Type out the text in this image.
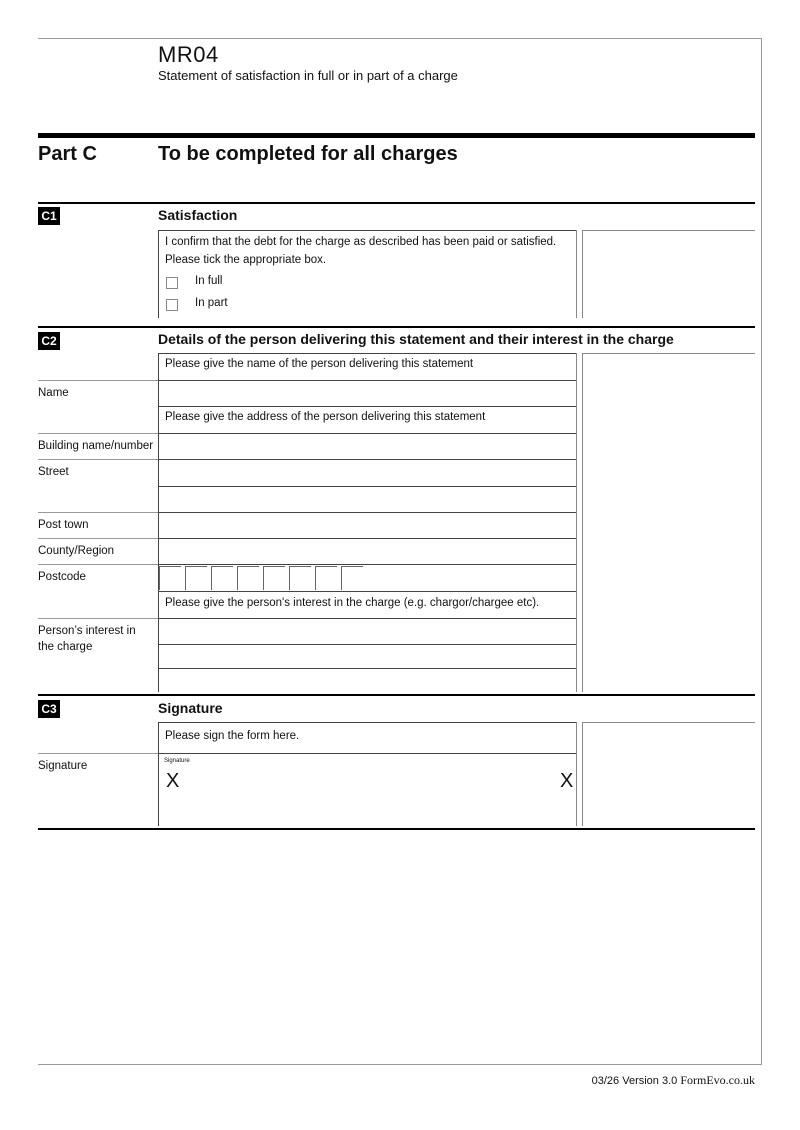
MR04
Statement of satisfaction in full or in part of a charge
Part C	To be completed for all charges
C1	Satisfaction
I confirm that the debt for the charge as described has been paid or satisfied.
Please tick the appropriate box.
In full
In part
C2	Details of the person delivering this statement and their interest in the charge
Please give the name of the person delivering this statement
Name
Please give the address of the person delivering this statement
Building name/number
Street
Post town
County/Region
Postcode
Please give the person's interest in the charge (e.g. chargor/chargee etc).
Person’s interest in
the charge
C3	Signature
Please sign the form here.
Signature	Signature
X	X
03/26 Version 3.0 FormEvo.co.uk
